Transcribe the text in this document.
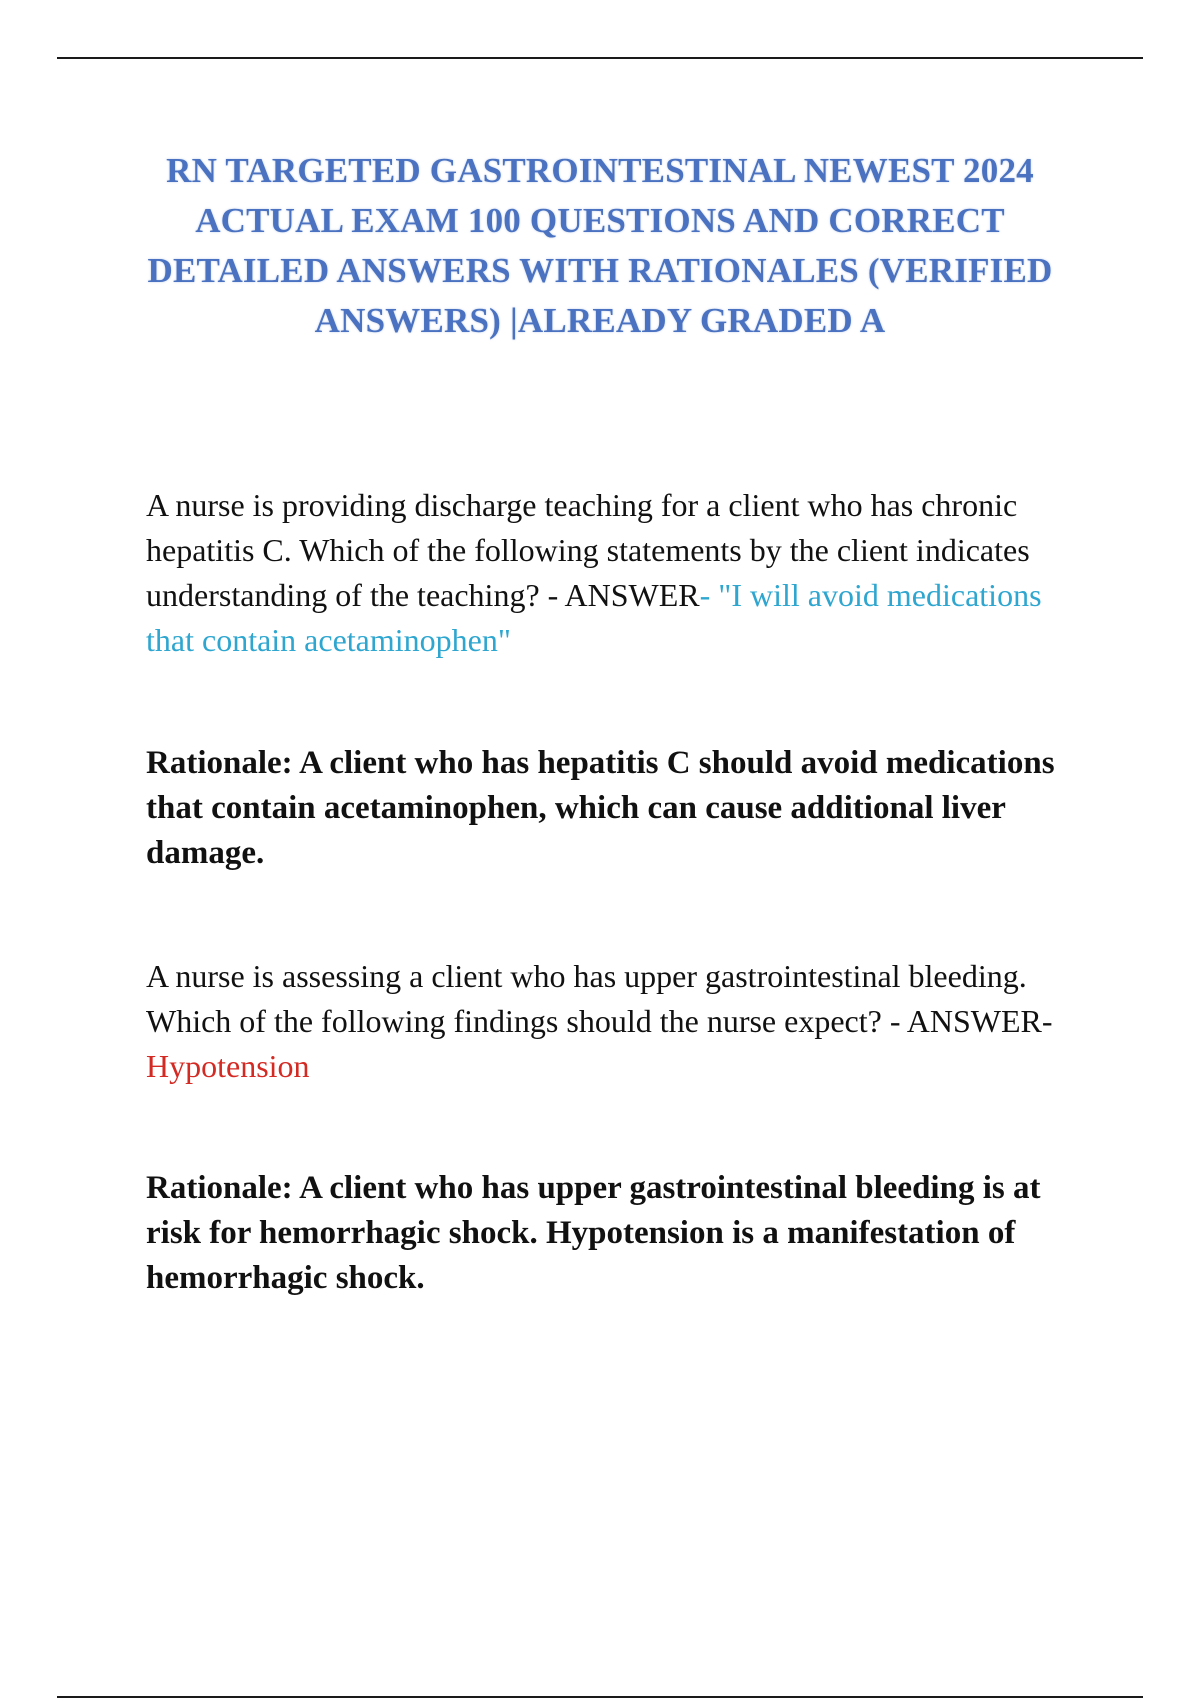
RN TARGETED GASTROINTESTINAL NEWEST 2024 ACTUAL EXAM 100 QUESTIONS AND CORRECT DETAILED ANSWERS WITH RATIONALES (VERIFIED ANSWERS) |ALREADY GRADED A

A nurse is providing discharge teaching for a client who has chronic hepatitis C. Which of the following statements by the client indicates understanding of the teaching? - ANSWER- "I will avoid medications that contain acetaminophen"

Rationale: A client who has hepatitis C should avoid medications that contain acetaminophen, which can cause additional liver damage.

A nurse is assessing a client who has upper gastrointestinal bleeding. Which of the following findings should the nurse expect? - ANSWER- Hypotension

Rationale: A client who has upper gastrointestinal bleeding is at risk for hemorrhagic shock. Hypotension is a manifestation of hemorrhagic shock.
